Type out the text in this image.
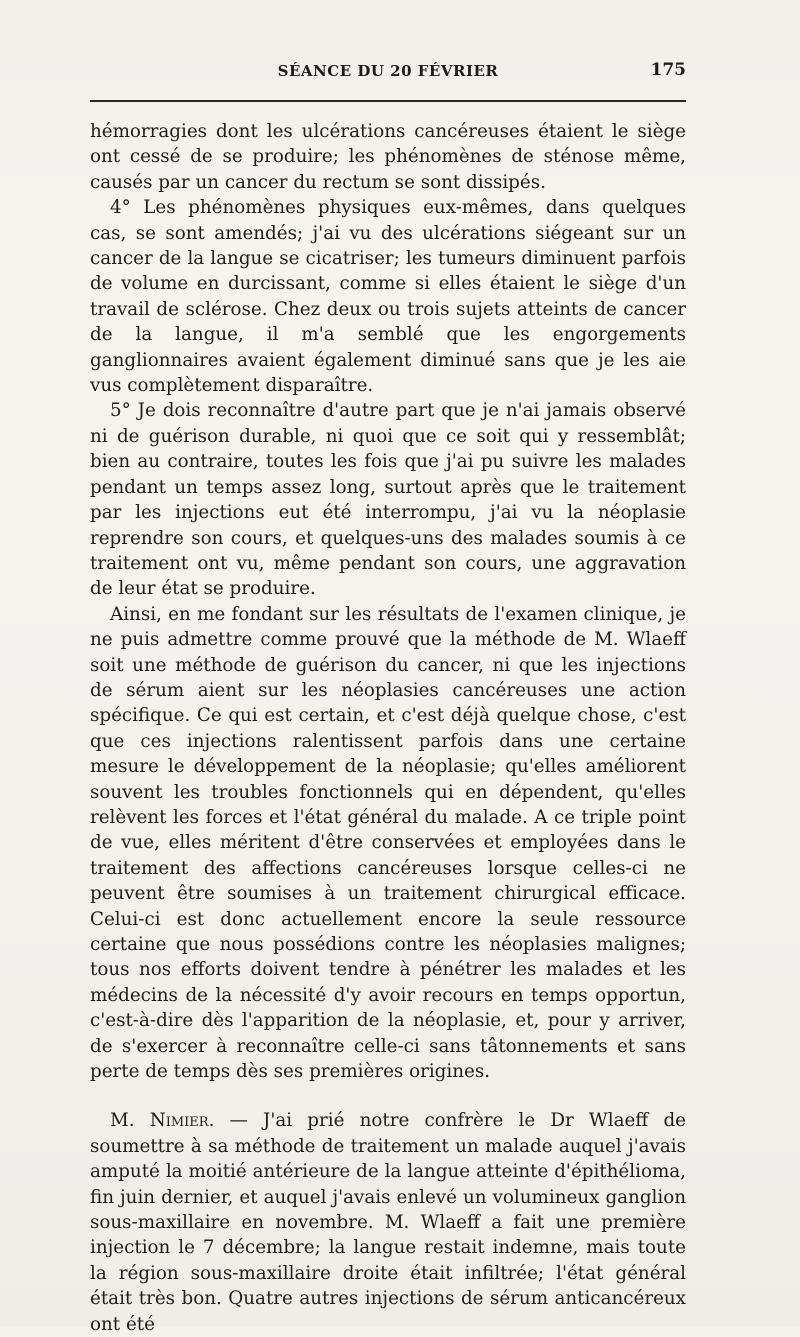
SÉANCE DU 20 FÉVRIER	175

hémorragies dont les ulcérations cancéreuses étaient le siège ont cessé de se produire; les phénomènes de sténose même, causés par un cancer du rectum se sont dissipés.

4° Les phénomènes physiques eux-mêmes, dans quelques cas, se sont amendés; j'ai vu des ulcérations siégeant sur un cancer de la langue se cicatriser; les tumeurs diminuent parfois de volume en durcissant, comme si elles étaient le siège d'un travail de sclérose. Chez deux ou trois sujets atteints de cancer de la langue, il m'a semblé que les engorgements ganglionnaires avaient également diminué sans que je les aie vus complètement disparaître.

5° Je dois reconnaître d'autre part que je n'ai jamais observé ni de guérison durable, ni quoi que ce soit qui y ressemblât; bien au contraire, toutes les fois que j'ai pu suivre les malades pendant un temps assez long, surtout après que le traitement par les injections eut été interrompu, j'ai vu la néoplasie reprendre son cours, et quelques-uns des malades soumis à ce traitement ont vu, même pendant son cours, une aggravation de leur état se produire.

Ainsi, en me fondant sur les résultats de l'examen clinique, je ne puis admettre comme prouvé que la méthode de M. Wlaeff soit une méthode de guérison du cancer, ni que les injections de sérum aient sur les néoplasies cancéreuses une action spécifique. Ce qui est certain, et c'est déjà quelque chose, c'est que ces injections ralentissent parfois dans une certaine mesure le développement de la néoplasie; qu'elles améliorent souvent les troubles fonctionnels qui en dépendent, qu'elles relèvent les forces et l'état général du malade. A ce triple point de vue, elles méritent d'être conservées et employées dans le traitement des affections cancéreuses lorsque celles-ci ne peuvent être soumises à un traitement chirurgical efficace. Celui-ci est donc actuellement encore la seule ressource certaine que nous possédions contre les néoplasies malignes; tous nos efforts doivent tendre à pénétrer les malades et les médecins de la nécessité d'y avoir recours en temps opportun, c'est-à-dire dès l'apparition de la néoplasie, et, pour y arriver, de s'exercer à reconnaître celle-ci sans tâtonnements et sans perte de temps dès ses premières origines.

M. Nimier. — J'ai prié notre confrère le Dr Wlaeff de soumettre à sa méthode de traitement un malade auquel j'avais amputé la moitié antérieure de la langue atteinte d'épithélioma, fin juin dernier, et auquel j'avais enlevé un volumineux ganglion sous-maxillaire en novembre. M. Wlaeff a fait une première injection le 7 décembre; la langue restait indemne, mais toute la région sous-maxillaire droite était infiltrée; l'état général était très bon. Quatre autres injections de sérum anticancéreux ont été
